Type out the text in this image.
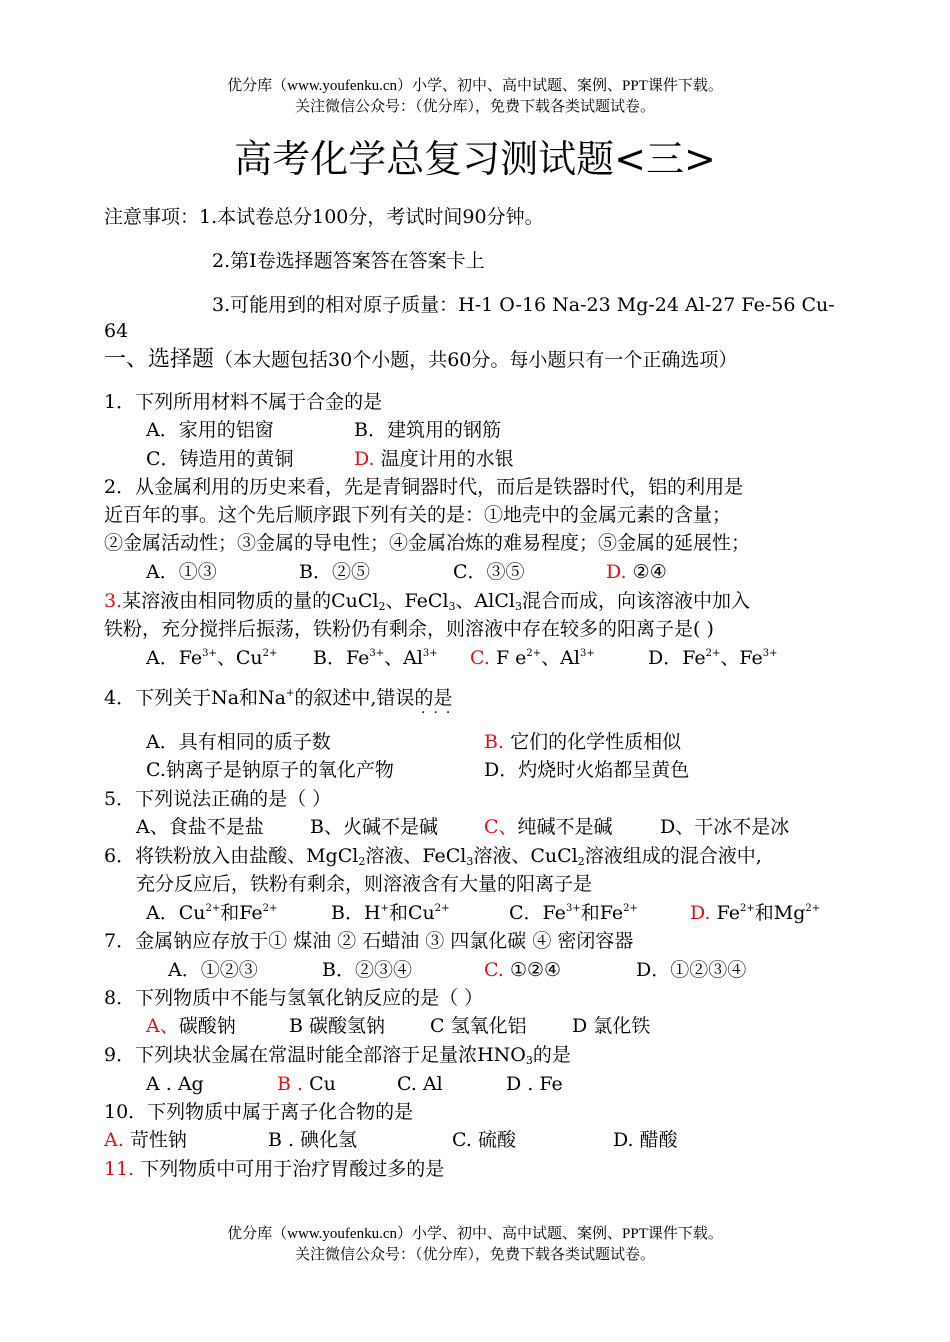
优分库（www.youfenku.cn）小学、初中、高中试题、案例、PPT课件下载。
关注微信公众号：（优分库），免费下载各类试题试卷。
高考化学总复习测试题<三>
注意事项：1.本试卷总分100分，考试时间90分钟。
2.第Ⅰ卷选择题答案答在答案卡上
3.可能用到的相对原子质量：H-1 O-16 Na-23 Mg-24 Al-27 Fe-56 Cu-
64
一、选择题（本大题包括30个小题，共60分。每小题只有一个正确选项）
1．下列所用材料不属于合金的是
A．家用的铝窗	B．建筑用的钢筋
C．铸造用的黄铜	D. 温度计用的水银
2．从金属利用的历史来看，先是青铜器时代，而后是铁器时代，铝的利用是
近百年的事。这个先后顺序跟下列有关的是：①地壳中的金属元素的含量；
②金属活动性；③金属的导电性；④金属冶炼的难易程度；⑤金属的延展性；
A．①③	B．②⑤	C．③⑤	D. ②④
3.某溶液由相同物质的量的CuCl$_2$、FeCl$_3$、AlCl$_3$混合而成，向该溶液中加入
铁粉，充分搅拌后振荡，铁粉仍有剩余，则溶液中存在较多的阳离子是( )
A．$Fe^{3+}$、$Cu^{2+}$ B．$Fe^{3+}$、$Al^{3+}$ C. F $e^{2+}$、$Al^{3+}$	D．$Fe^{2+}$、$Fe^{3+}$
4．下列关于Na和Na+的叙述中,错误的是
···
A．具有相同的质子数	B. 它们的化学性质相似
C.钠离子是钠原子的氧化产物	D．灼烧时火焰都呈黄色
5．下列说法正确的是（ ）
A、食盐不是盐 B、火碱不是碱 C、纯碱不是碱 D、干冰不是冰
6．将铁粉放入由盐酸、MgCl$_2$溶液、FeCl$_3$溶液、CuCl$_2$溶液组成的混合液中,
充分反应后，铁粉有剩余，则溶液含有大量的阳离子是
A．$Cu^{2+}$和$Fe^{2+}$	B．H+和$Cu^{2+}$	C．$Fe^{3+}$和$Fe^{2+}$	D. $Fe^{2+}$和$Mg^{2+}$
7．金属钠应存放于① 煤油 ② 石蜡油 ③ 四氯化碳 ④ 密闭容器
A．①②③	B．②③④	C. ①②④	D．①②③④
8．下列物质中不能与氢氧化钠反应的是（ ）
A、碳酸钠	B 碳酸氢钠 C 氢氧化铝 D 氯化铁
9．下列块状金属在常温时能全部溶于足量浓$HNO_3$的是
A . Ag	B . Cu	C. Al	D . Fe
10．下列物质中属于离子化合物的是
A. 苛性钠	B . 碘化氢	C. 硫酸	D. 醋酸
11. 下列物质中可用于治疗胃酸过多的是
优分库（www.youfenku.cn）小学、初中、高中试题、案例、PPT课件下载。
关注微信公众号：（优分库），免费下载各类试题试卷。
